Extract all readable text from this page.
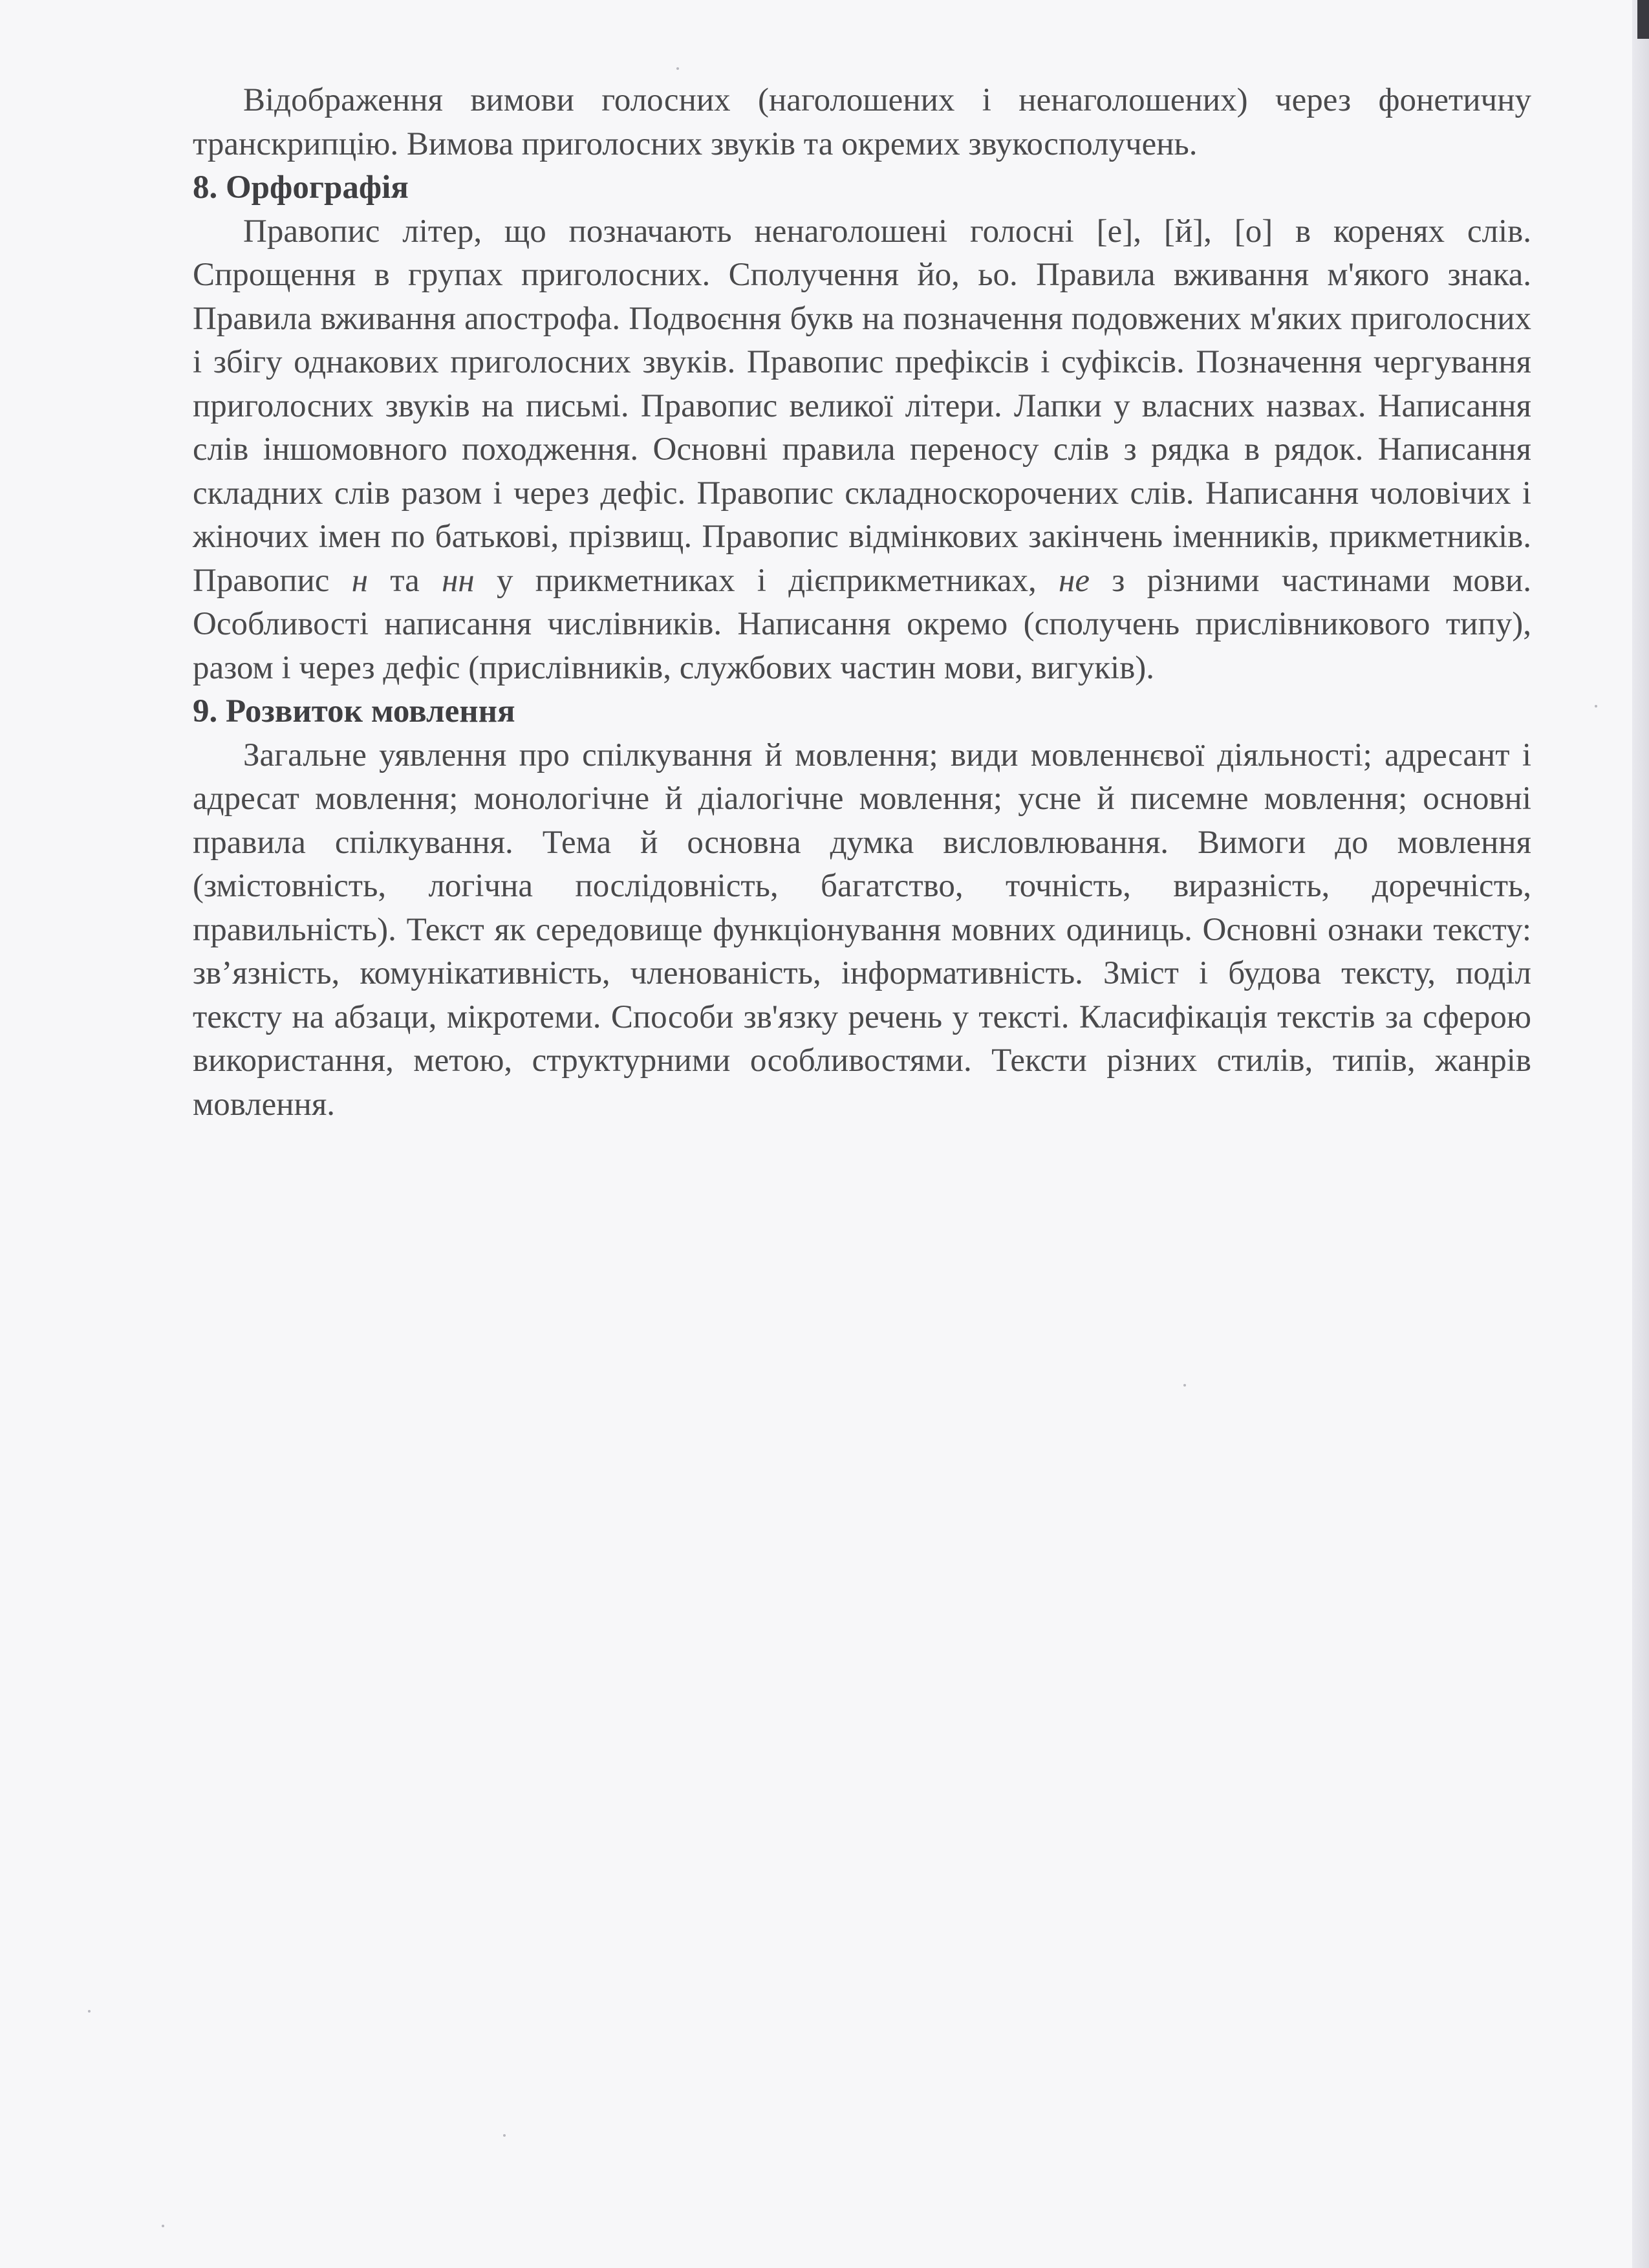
Відображення вимови голосних (наголошених і ненаголошених) через фонетичну транскрипцію. Вимова приголосних звуків та окремих звукосполучень.

8. Орфографія

Правопис літер, що позначають ненаголошені голосні [е], [й], [о] в коренях слів. Спрощення в групах приголосних. Сполучення йо, ьо. Правила вживання м'якого знака. Правила вживання апострофа. Подвоєння букв на позначення подовжених м'яких приголосних і збігу однакових приголосних звуків. Правопис префіксів і суфіксів. Позначення чергування приголосних звуків на письмі. Правопис великої літери. Лапки у власних назвах. Написання слів іншомовного походження. Основні правила переносу слів з рядка в рядок. Написання складних слів разом і через дефіс. Правопис складноскорочених слів. Написання чоловічих і жіночих імен по батькові, прізвищ. Правопис відмінкових закінчень іменників, прикметників. Правопис н та нн у прикметниках і дієприкметниках, не з різними частинами мови. Особливості написання числівників. Написання окремо (сполучень прислівникового типу), разом і через дефіс (прислівників, службових частин мови, вигуків).

9. Розвиток мовлення

Загальне уявлення про спілкування й мовлення; види мовленнєвої діяльності; адресант і адресат мовлення; монологічне й діалогічне мовлення; усне й писемне мовлення; основні правила спілкування. Тема й основна думка висловлювання. Вимоги до мовлення (змістовність, логічна послідовність, багатство, точність, виразність, доречність, правильність). Текст як середовище функціонування мовних одиниць. Основні ознаки тексту: зв’язність, комунікативність, членованість, інформативність. Зміст і будова тексту, поділ тексту на абзаци, мікротеми. Способи зв'язку речень у тексті. Класифікація текстів за сферою використання, метою, структурними особливостями. Тексти різних стилів, типів, жанрів мовлення.
